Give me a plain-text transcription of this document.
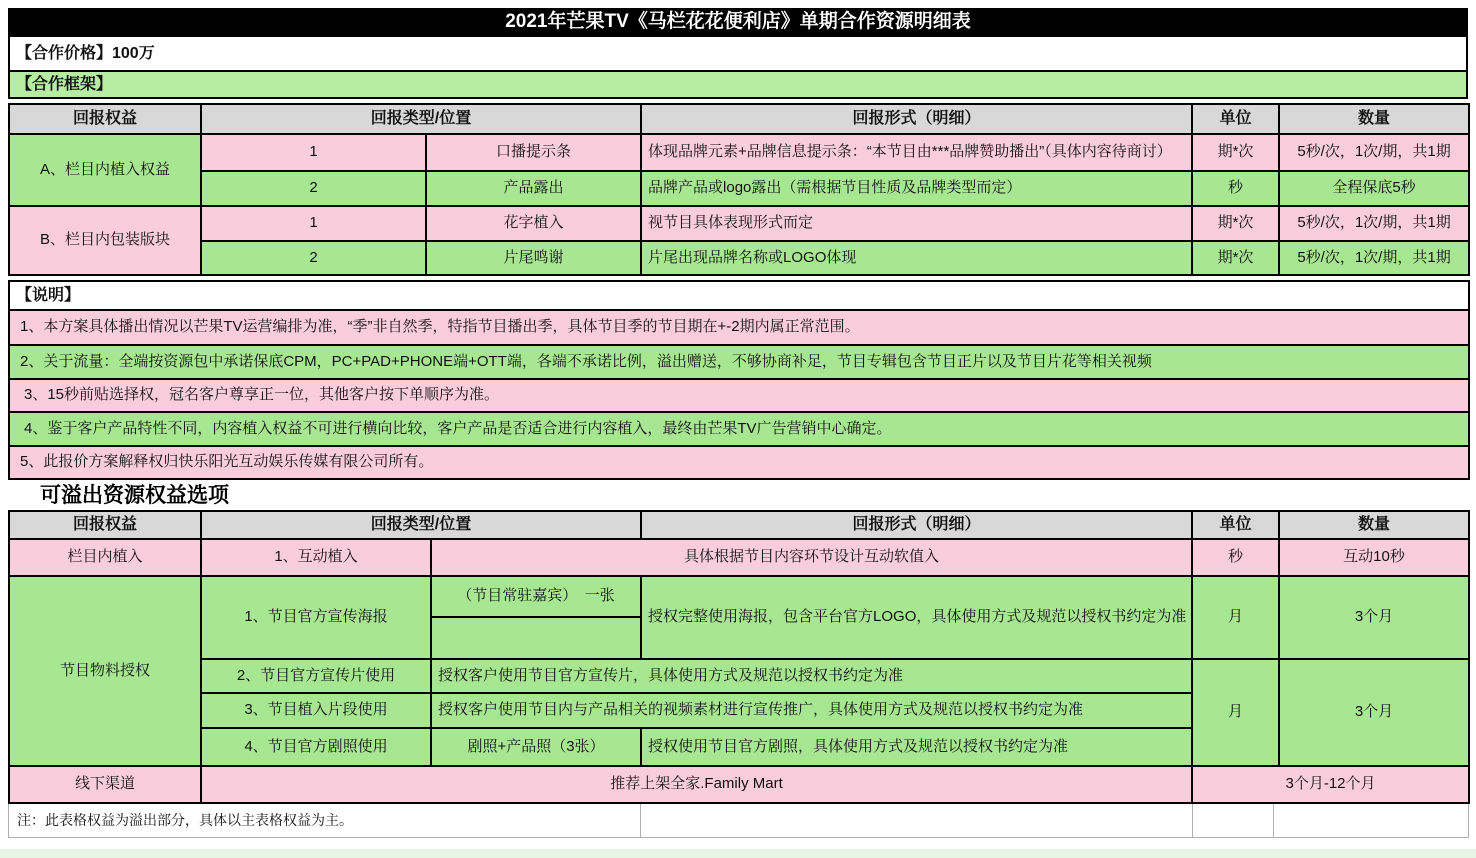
2021年芒果TV《马栏花花便利店》单期合作资源明细表
【合作价格】100万
【合作框架】
回报权益	回报类型/位置		回报形式（明细）	单位	数量
A、栏目内植入权益	1	口播提示条	体现品牌元素+品牌信息提示条：“本节目由***品牌赞助播出”（具体内容待商讨）	期*次	5秒/次，1次/期，共1期
	2	产品露出	品牌产品或logo露出（需根据节目性质及品牌类型而定）	秒	全程保底5秒
B、栏目内包装版块	1	花字植入	视节目具体表现形式而定	期*次	5秒/次，1次/期，共1期
	2	片尾鸣谢	片尾出现品牌名称或LOGO体现	期*次	5秒/次，1次/期，共1期
【说明】
1、本方案具体播出情况以芒果TV运营编排为准，“季”非自然季，特指节目播出季，具体节目季的节目期在+-2期内属正常范围。
2、关于流量：全端按资源包中承诺保底CPM，PC+PAD+PHONE端+OTT端，各端不承诺比例，溢出赠送，不够协商补足，节目专辑包含节目正片以及节目片花等相关视频
3、15秒前贴选择权，冠名客户尊享正一位，其他客户按下单顺序为准。
4、鉴于客户产品特性不同，内容植入权益不可进行横向比较，客户产品是否适合进行内容植入，最终由芒果TV广告营销中心确定。
5、此报价方案解释权归快乐阳光互动娱乐传媒有限公司所有。
可溢出资源权益选项
回报权益	回报类型/位置		回报形式（明细）	单位	数量
栏目内植入	1、互动植入	具体根据节目内容环节设计互动软值入		秒	互动10秒
节目物料授权	1、节目官方宣传海报	（节目常驻嘉宾）　一张	授权完整使用海报，包含平台官方LOGO，具体使用方式及规范以授权书约定为准	月	3个月

	2、节目官方宣传片使用	授权客户使用节目官方宣传片，具体使用方式及规范以授权书约定为准		月	3个月
	3、节目植入片段使用	授权客户使用节目内与产品相关的视频素材进行宣传推广，具体使用方式及规范以授权书约定为准			
	4、节目官方剧照使用	剧照+产品照（3张）	授权使用节目官方剧照，具体使用方式及规范以授权书约定为准		
线下渠道	推荐上架全家.Family Mart			3个月-12个月	
注：此表格权益为溢出部分，具体以主表格权益为主。			
